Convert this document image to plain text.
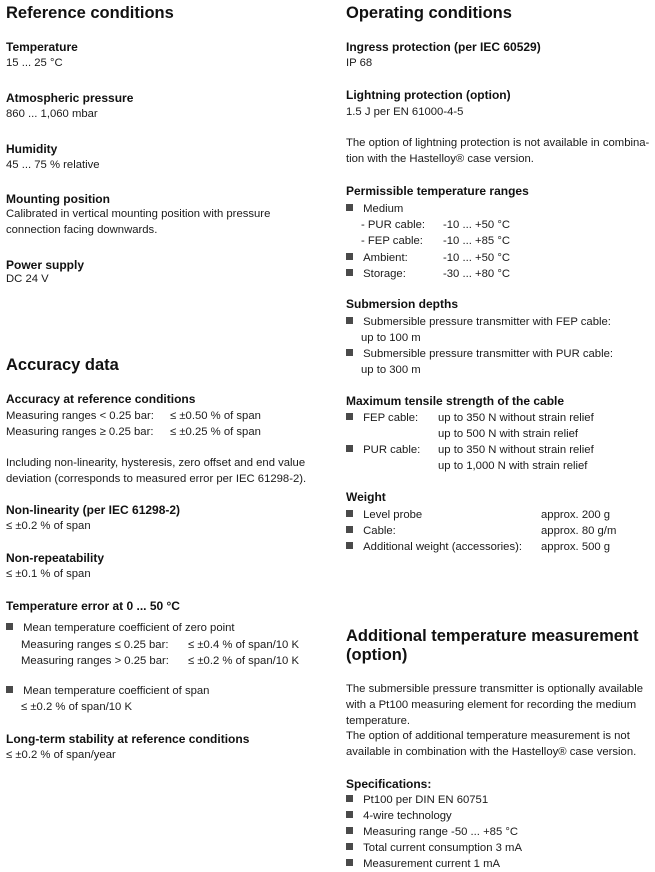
Reference conditions
Temperature
15 ... 25 °C
Atmospheric pressure
860 ... 1,060 mbar
Humidity
45 ... 75 % relative
Mounting position
Calibrated in vertical mounting position with pressure
connection facing downwards.
Power supply
DC 24 V
Accuracy data
Accuracy at reference conditions
Measuring ranges < 0.25 bar: ≤ ±0.50 % of span
Measuring ranges ≥ 0.25 bar: ≤ ±0.25 % of span
Including non-linearity, hysteresis, zero offset and end value
deviation (corresponds to measured error per IEC 61298-2).
Non-linearity (per IEC 61298-2)
≤ ±0.2 % of span
Non-repeatability
≤ ±0.1 % of span
Temperature error at 0 ... 50 °C
Mean temperature coefficient of zero point
Measuring ranges ≤ 0.25 bar: ≤ ±0.4 % of span/10 K
Measuring ranges > 0.25 bar: ≤ ±0.2 % of span/10 K
Mean temperature coefficient of span
≤ ±0.2 % of span/10 K
Long-term stability at reference conditions
≤ ±0.2 % of span/year
Operating conditions
Ingress protection (per IEC 60529)
IP 68
Lightning protection (option)
1.5 J per EN 61000-4-5
The option of lightning protection is not available in combina-
tion with the Hastelloy® case version.
Permissible temperature ranges
Medium
- PUR cable: -10 ... +50 °C
- FEP cable: -10 ... +85 °C
Ambient:	-10 ... +50 °C
Storage:	-30 ... +80 °C
Submersion depths
Submersible pressure transmitter with FEP cable:
up to 100 m
Submersible pressure transmitter with PUR cable:
up to 300 m
Maximum tensile strength of the cable
FEP cable: up to 350 N without strain relief
up to 500 N with strain relief
PUR cable: up to 350 N without strain relief
up to 1,000 N with strain relief
Weight
Level probe	approx. 200 g
Cable:	approx. 80 g/m
Additional weight (accessories): approx. 500 g
Additional temperature measurement
(option)
The submersible pressure transmitter is optionally available
with a Pt100 measuring element for recording the medium
temperature.
The option of additional temperature measurement is not
available in combination with the Hastelloy® case version.
Specifications:
Pt100 per DIN EN 60751
4-wire technology
Measuring range -50 ... +85 °C
Total current consumption 3 mA
Measurement current 1 mA
